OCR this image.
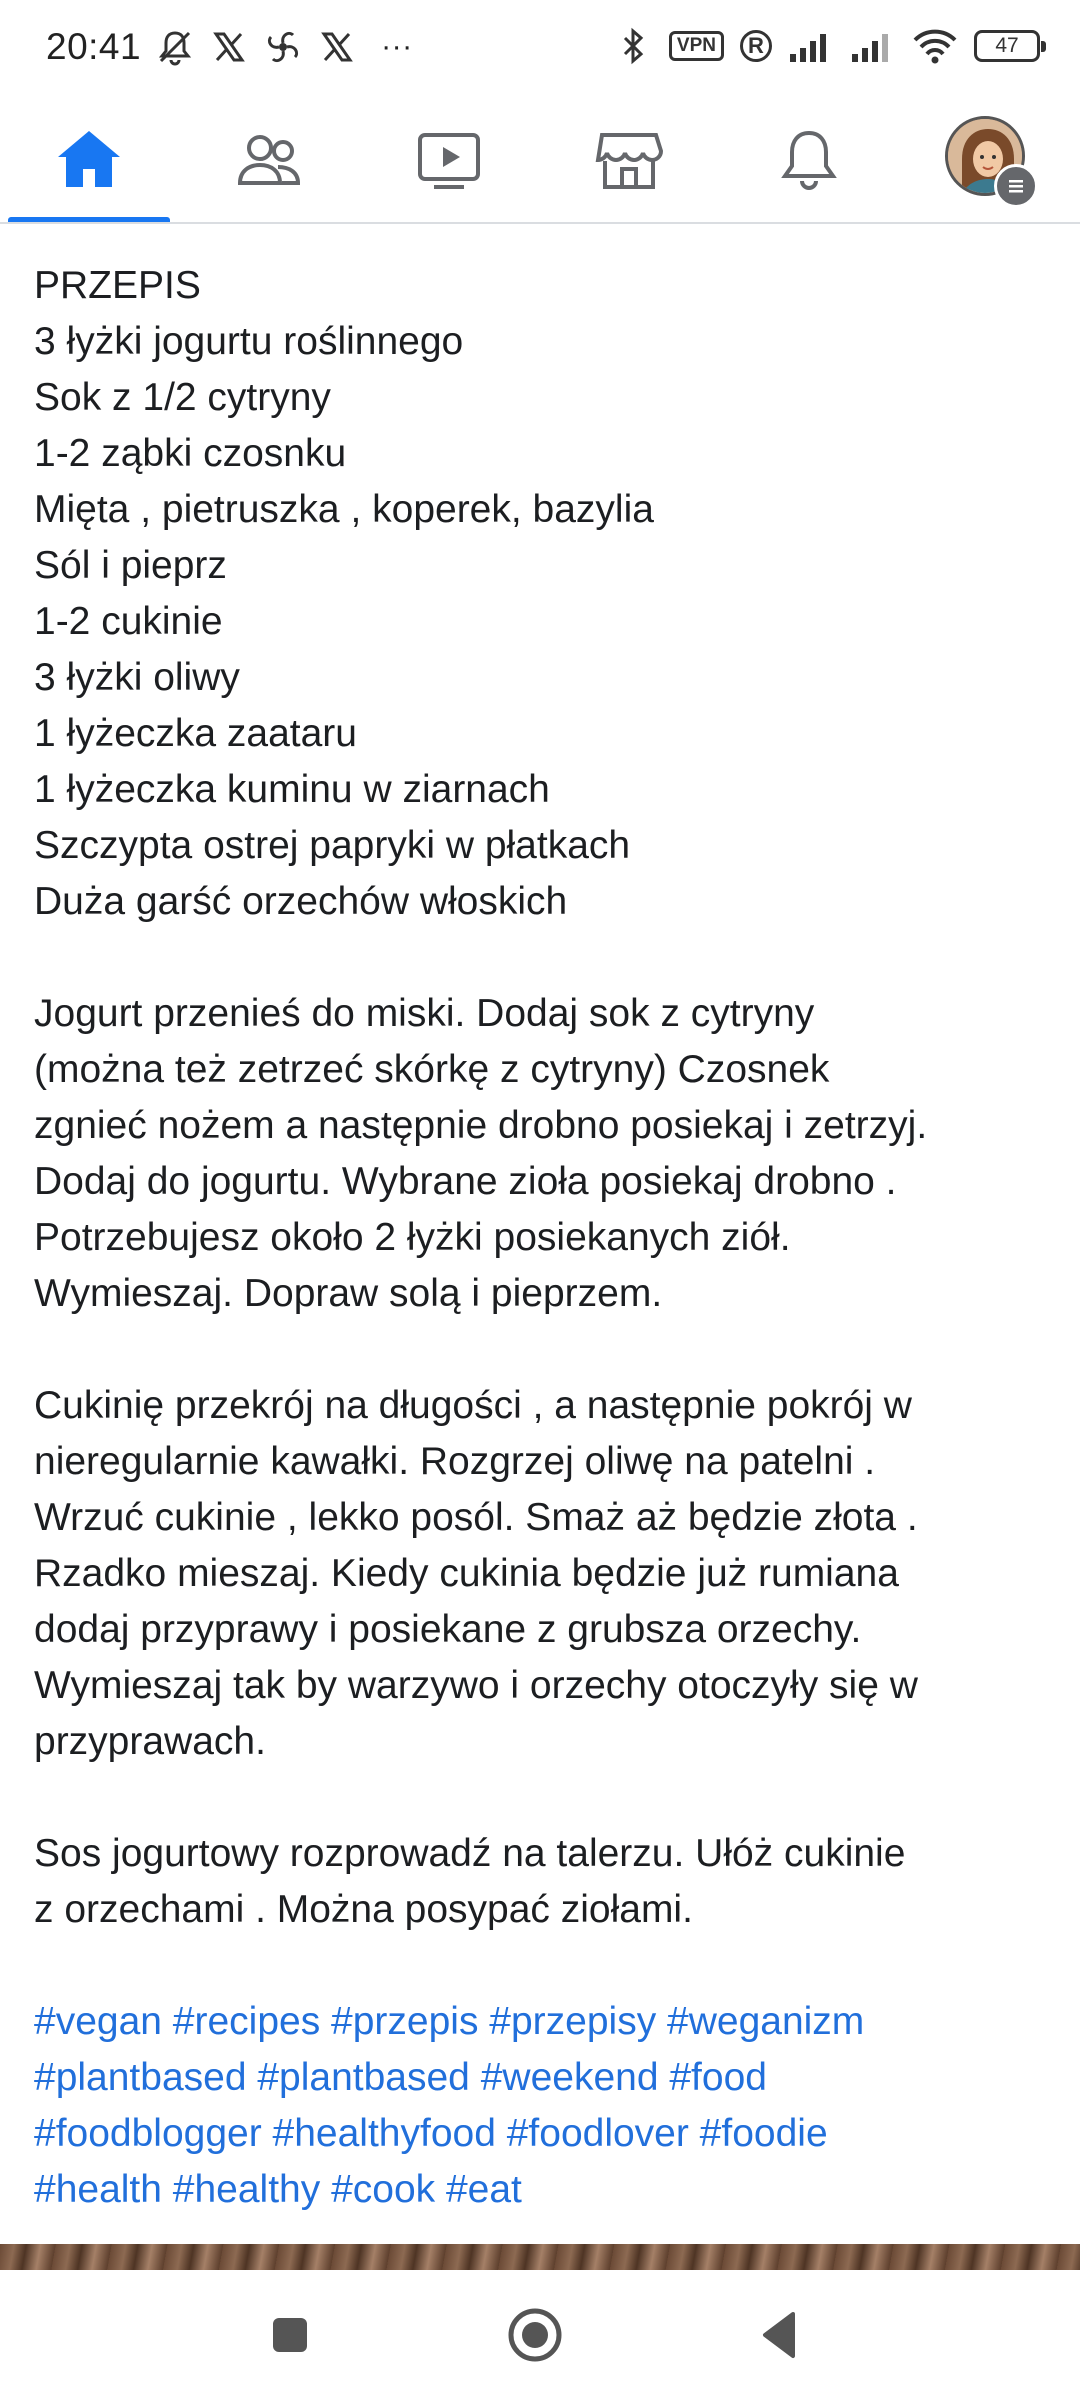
20:41	···	VPN	R	47

PRZEPIS

3 łyżki jogurtu roślinnego

Sok z 1/2 cytryny

1-2 ząbki czosnku

Mięta , pietruszka , koperek, bazylia

Sól i pieprz

1-2 cukinie

3 łyżki oliwy

1 łyżeczka zaataru

1 łyżeczka kuminu w ziarnach

Szczypta ostrej papryki w płatkach

Duża garść orzechów włoskich

Jogurt przenieś do miski. Dodaj sok z cytryny

(można też zetrzeć skórkę z cytryny) Czosnek

zgnieć nożem a następnie drobno posiekaj i zetrzyj.

Dodaj do jogurtu. Wybrane zioła posiekaj drobno .

Potrzebujesz około 2 łyżki posiekanych ziół.

Wymieszaj. Dopraw solą i pieprzem.

Cukinię przekrój na długości , a następnie pokrój w

nieregularnie kawałki. Rozgrzej oliwę na patelni .

Wrzuć cukinie , lekko posól. Smaż aż będzie złota .

Rzadko mieszaj. Kiedy cukinia będzie już rumiana

dodaj przyprawy i posiekane z grubsza orzechy.

Wymieszaj tak by warzywo i orzechy otoczyły się w

przyprawach.

Sos jogurtowy rozprowadź na talerzu. Ułóż cukinie

z orzechami . Można posypać ziołami.

#vegan #recipes #przepis #przepisy #weganizm

#plantbased #plantbased #weekend #food

#foodblogger #healthyfood #foodlover #foodie

#health #healthy #cook #eat
